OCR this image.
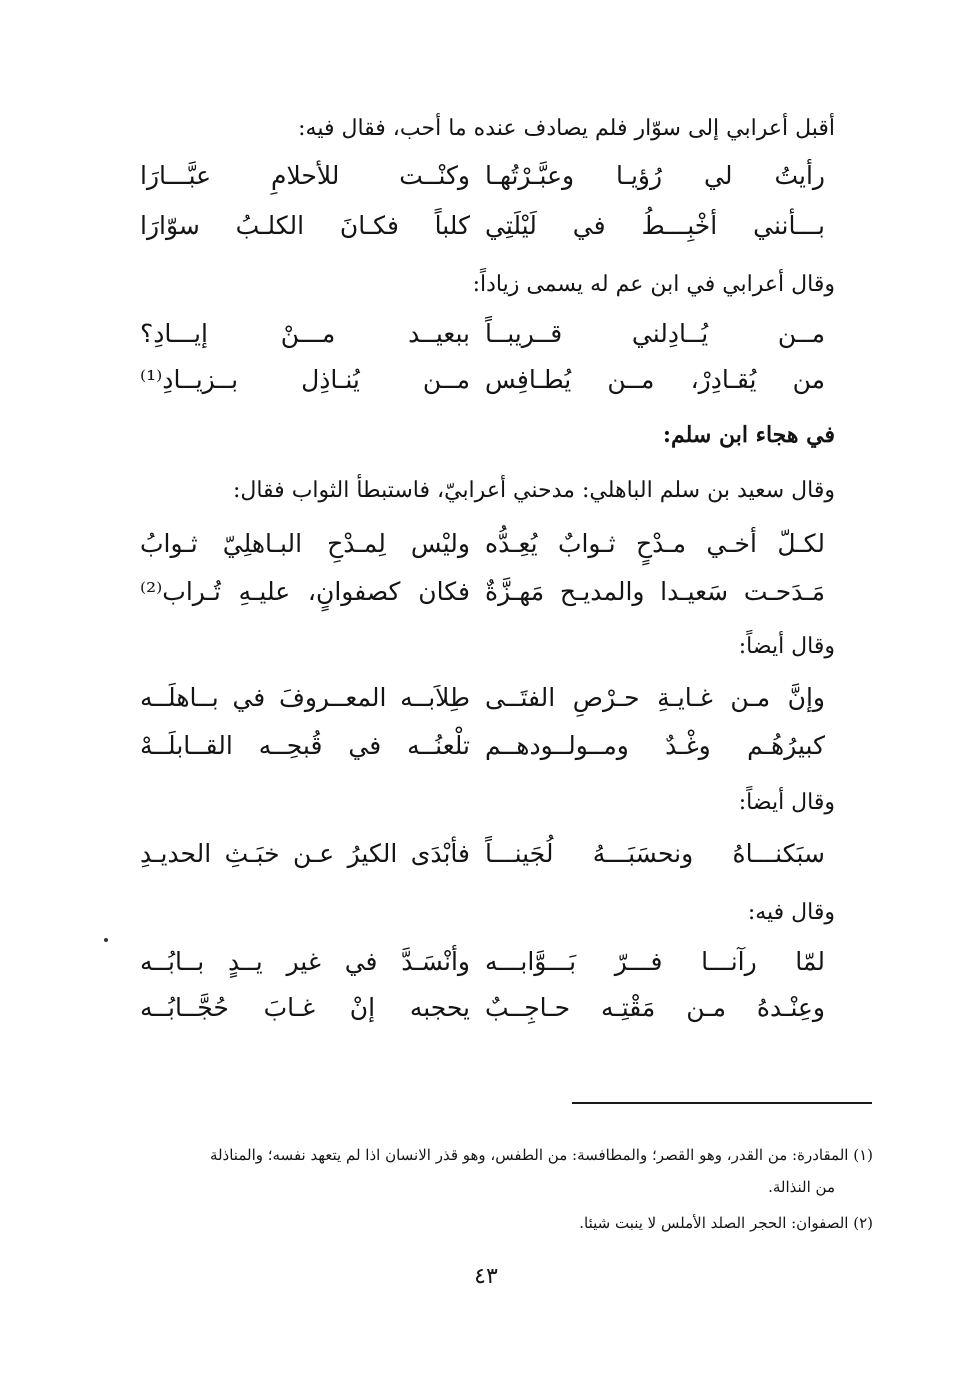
أقبل أعرابي إلى سوّار فلم يصادف عنده ما أحب، فقال فيه:
رأيتُ لي رُؤيـا وعبَّـرْتُهـا
وكنْــت للأحلامِ عبَّـــارَا
بـــأنني أخْبِـــطُ في لَيْلَتِي
كلباً فكـانَ الكلـبُ سوّارَا
وقال أعرابي في ابن عم له يسمى زياداً:
مــن يُــادِلني قــريبــاً
ببعيــد مـــنْ إيـــادِ؟
من يُقـادِرْ، مــن يُطـافِس
مــن يُنـاذِل بــزيــادِ⁽¹⁾
في هجاء ابن سلم:
وقال سعيد بن سلم الباهلي: مدحني أعرابيّ، فاستبطأ الثواب فقال:
لكـلّ أخـي مـدْحٍ ثـوابٌ يُعِـدُّه
وليْس لِمـدْحِ البـاهلِيّ ثـوابُ
مَـدَحـت سَعيـدا والمديـح مَهـزَّةٌ
فكان كصفوانٍ، عليـهِ تُـراب⁽²⁾
وقال أيضاً:
وإنَّ مـن غـايـةِ حـرْصِ الفتَــى
طِلاَبــه المعــروفَ في بــاهلَــه
كبيرُهُـم وغْـدٌ ومــولــودهــم
تلْعنُــه في قُبحِــه القــابلَــهْ
وقال أيضاً:
سبَكنـــاهُ ونحسَبَـــهُ لُجَينـــاً
فأبْدَى الكيرُ عـن خبَـثِ الحديـدِ
وقال فيه:
لمّا رآنـــا فـــرّ بَـــوَّابـــه
وأنْسَـدَّ في غير يــدٍ بــابُــه
وعِنْـدهُ مـن مَقْتِـه حـاجِــبٌ
يحجبه إنْ غـابَ حُجَّــابُــه
(١) المقادرة: من القدر، وهو القصر؛ والمطافسة: من الطفس، وهو قذر الانسان اذا لم يتعهد نفسه؛ والمناذلة
من النذالة.
(٢) الصفوان: الحجر الصلد الأملس لا ينبت شيئا.
٤٣
